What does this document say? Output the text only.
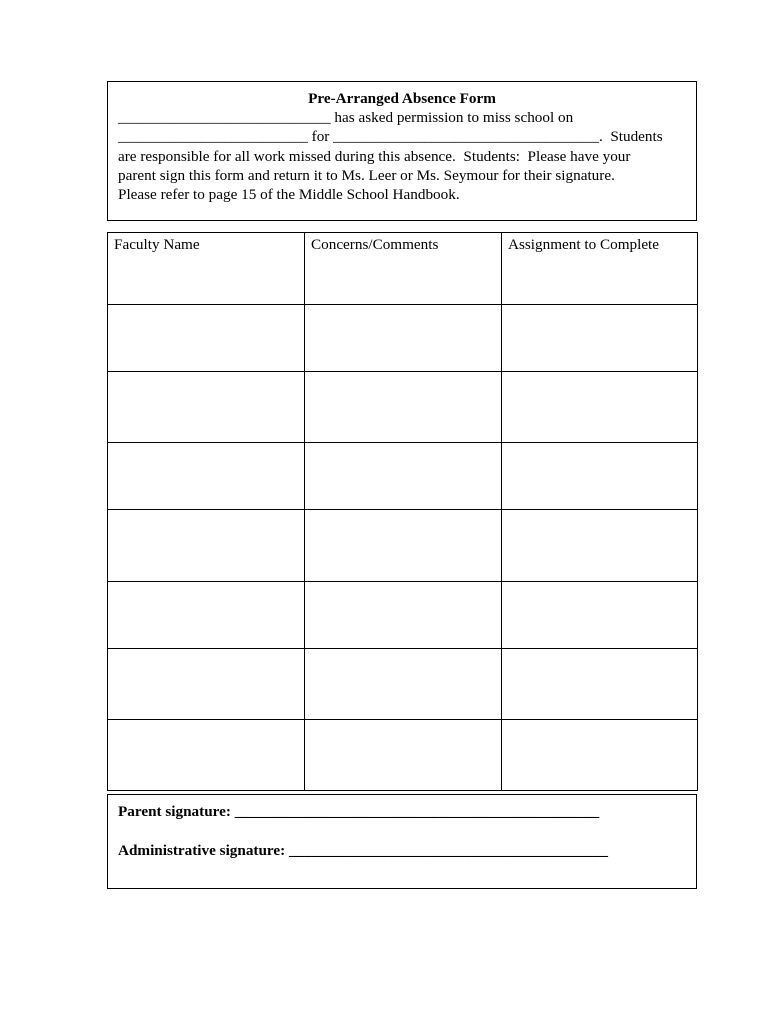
Pre-Arranged Absence Form
____________________________ has asked permission to miss school on
_________________________ for ___________________________________.  Students
are responsible for all work missed during this absence.  Students:  Please have your
parent sign this form and return it to Ms. Leer or Ms. Seymour for their signature.
Please refer to page 15 of the Middle School Handbook.
Faculty Name	Concerns/Comments	Assignment to Complete

Parent signature: ________________________________________________
Administrative signature: __________________________________________
